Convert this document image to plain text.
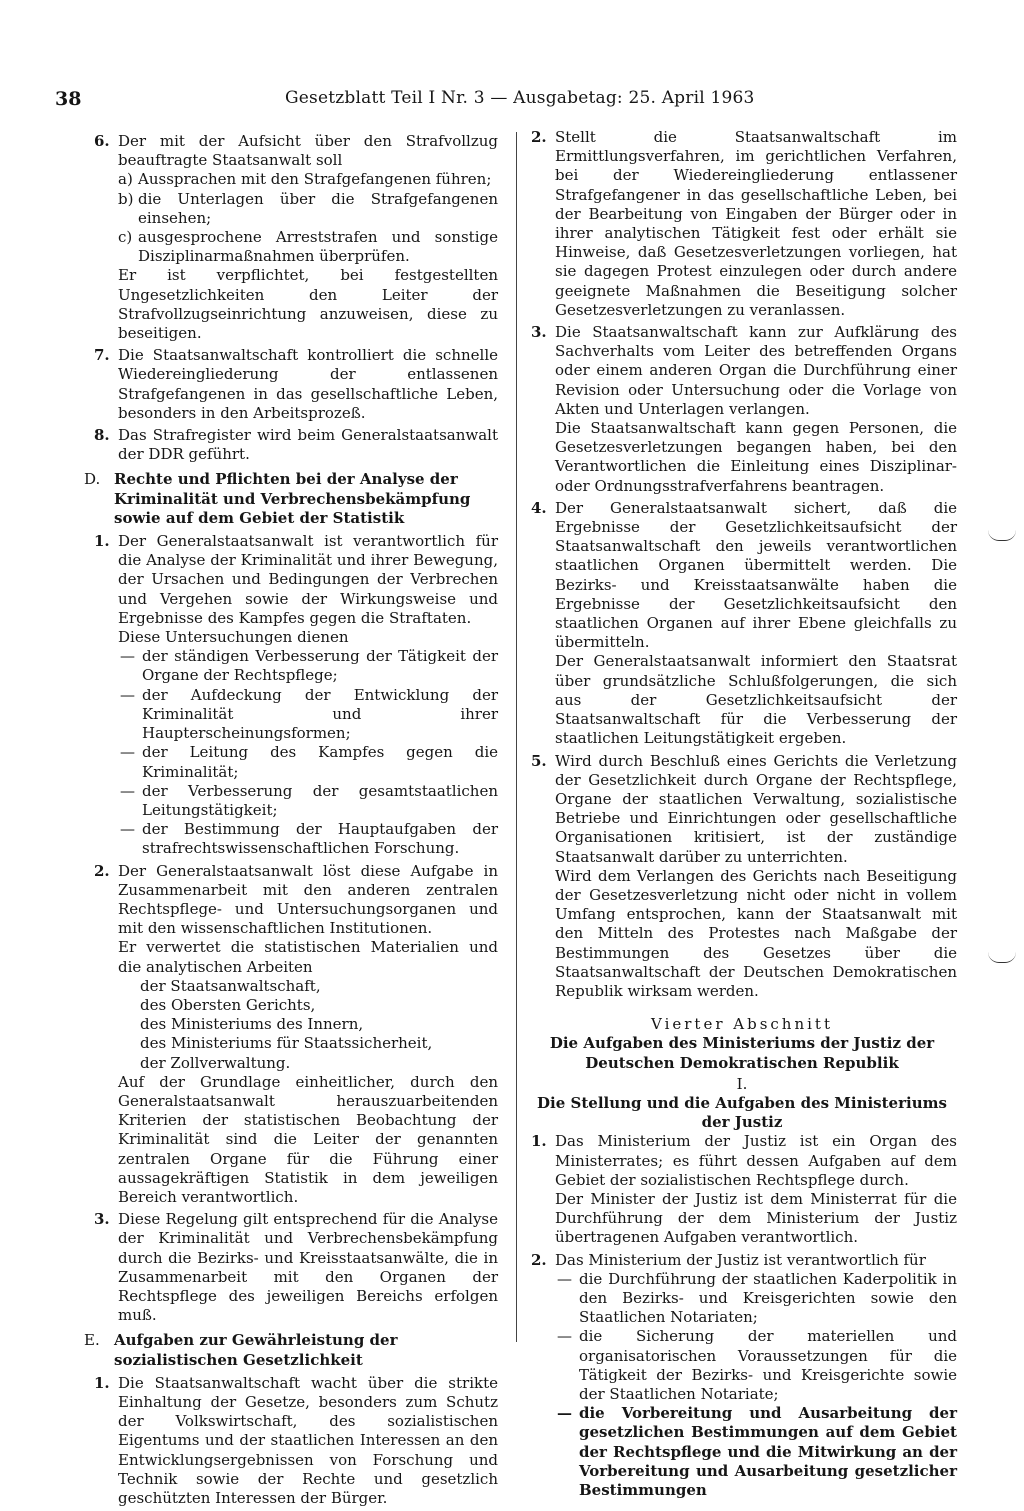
38	Gesetzblatt Teil I Nr. 3 — Ausgabetag: 25. April 1963
6. Der mit der Aufsicht über den Strafvollzug beauftragte Staatsanwalt soll
a) Aussprachen mit den Strafgefangenen führen;
b) die Unterlagen über die Strafgefangenen einsehen;
c) ausgesprochene Arreststrafen und sonstige Disziplinarmaßnahmen überprüfen.
Er ist verpflichtet, bei festgestellten Ungesetzlichkeiten den Leiter der Strafvollzugseinrichtung anzuweisen, diese zu beseitigen.
7. Die Staatsanwaltschaft kontrolliert die schnelle Wiedereingliederung der entlassenen Strafgefangenen in das gesellschaftliche Leben, besonders in den Arbeitsprozeß.
8. Das Strafregister wird beim Generalstaatsanwalt der DDR geführt.
D. Rechte und Pflichten bei der Analyse der Kriminalität und Verbrechensbekämpfung sowie auf dem Gebiet der Statistik
1. Der Generalstaatsanwalt ist verantwortlich für die Analyse der Kriminalität und ihrer Bewegung, der Ursachen und Bedingungen der Verbrechen und Vergehen sowie der Wirkungsweise und Ergebnisse des Kampfes gegen die Straftaten.
Diese Untersuchungen dienen
— der ständigen Verbesserung der Tätigkeit der Organe der Rechtspflege;
— der Aufdeckung der Entwicklung der Kriminalität und ihrer Haupterscheinungsformen;
— der Leitung des Kampfes gegen die Kriminalität;
— der Verbesserung der gesamtstaatlichen Leitungstätigkeit;
— der Bestimmung der Hauptaufgaben der strafrechtswissenschaftlichen Forschung.
2. Der Generalstaatsanwalt löst diese Aufgabe in Zusammenarbeit mit den anderen zentralen Rechtspflege- und Untersuchungsorganen und mit den wissenschaftlichen Institutionen.
Er verwertet die statistischen Materialien und die analytischen Arbeiten
der Staatsanwaltschaft,
des Obersten Gerichts,
des Ministeriums des Innern,
des Ministeriums für Staatssicherheit,
der Zollverwaltung.
Auf der Grundlage einheitlicher, durch den Generalstaatsanwalt herauszuarbeitenden Kriterien der statistischen Beobachtung der Kriminalität sind die Leiter der genannten zentralen Organe für die Führung einer aussagekräftigen Statistik in dem jeweiligen Bereich verantwortlich.
3. Diese Regelung gilt entsprechend für die Analyse der Kriminalität und Verbrechensbekämpfung durch die Bezirks- und Kreisstaatsanwälte, die in Zusammenarbeit mit den Organen der Rechtspflege des jeweiligen Bereichs erfolgen muß.
E. Aufgaben zur Gewährleistung der sozialistischen Gesetzlichkeit
1. Die Staatsanwaltschaft wacht über die strikte Einhaltung der Gesetze, besonders zum Schutz der Volkswirtschaft, des sozialistischen Eigentums und der staatlichen Interessen an den Entwicklungsergebnissen von Forschung und Technik sowie der Rechte und gesetzlich geschützten Interessen der Bürger.
2. Stellt die Staatsanwaltschaft im Ermittlungsverfahren, im gerichtlichen Verfahren, bei der Wiedereingliederung entlassener Strafgefangener in das gesellschaftliche Leben, bei der Bearbeitung von Eingaben der Bürger oder in ihrer analytischen Tätigkeit fest oder erhält sie Hinweise, daß Gesetzesverletzungen vorliegen, hat sie dagegen Protest einzulegen oder durch andere geeignete Maßnahmen die Beseitigung solcher Gesetzesverletzungen zu veranlassen.
3. Die Staatsanwaltschaft kann zur Aufklärung des Sachverhalts vom Leiter des betreffenden Organs oder einem anderen Organ die Durchführung einer Revision oder Untersuchung oder die Vorlage von Akten und Unterlagen verlangen.
Die Staatsanwaltschaft kann gegen Personen, die Gesetzesverletzungen begangen haben, bei den Verantwortlichen die Einleitung eines Disziplinar- oder Ordnungsstrafverfahrens beantragen.
4. Der Generalstaatsanwalt sichert, daß die Ergebnisse der Gesetzlichkeitsaufsicht der Staatsanwaltschaft den jeweils verantwortlichen staatlichen Organen übermittelt werden. Die Bezirks- und Kreisstaatsanwälte haben die Ergebnisse der Gesetzlichkeitsaufsicht den staatlichen Organen auf ihrer Ebene gleichfalls zu übermitteln.
Der Generalstaatsanwalt informiert den Staatsrat über grundsätzliche Schlußfolgerungen, die sich aus der Gesetzlichkeitsaufsicht der Staatsanwaltschaft für die Verbesserung der staatlichen Leitungstätigkeit ergeben.
5. Wird durch Beschluß eines Gerichts die Verletzung der Gesetzlichkeit durch Organe der Rechtspflege, Organe der staatlichen Verwaltung, sozialistische Betriebe und Einrichtungen oder gesellschaftliche Organisationen kritisiert, ist der zuständige Staatsanwalt darüber zu unterrichten.
Wird dem Verlangen des Gerichts nach Beseitigung der Gesetzesverletzung nicht oder nicht in vollem Umfang entsprochen, kann der Staatsanwalt mit den Mitteln des Protestes nach Maßgabe der Bestimmungen des Gesetzes über die Staatsanwaltschaft der Deutschen Demokratischen Republik wirksam werden.
Vierter Abschnitt
Die Aufgaben des Ministeriums der Justiz der Deutschen Demokratischen Republik
I.
Die Stellung und die Aufgaben des Ministeriums der Justiz
1. Das Ministerium der Justiz ist ein Organ des Ministerrates; es führt dessen Aufgaben auf dem Gebiet der sozialistischen Rechtspflege durch.
Der Minister der Justiz ist dem Ministerrat für die Durchführung der dem Ministerium der Justiz übertragenen Aufgaben verantwortlich.
2. Das Ministerium der Justiz ist verantwortlich für
— die Durchführung der staatlichen Kaderpolitik in den Bezirks- und Kreisgerichten sowie den Staatlichen Notariaten;
— die Sicherung der materiellen und organisatorischen Voraussetzungen für die Tätigkeit der Bezirks- und Kreisgerichte sowie der Staatlichen Notariate;
— die Vorbereitung und Ausarbeitung der gesetzlichen Bestimmungen auf dem Gebiet der Rechtspflege und die Mitwirkung an der Vorbereitung und Ausarbeitung gesetzlicher Bestimmungen
